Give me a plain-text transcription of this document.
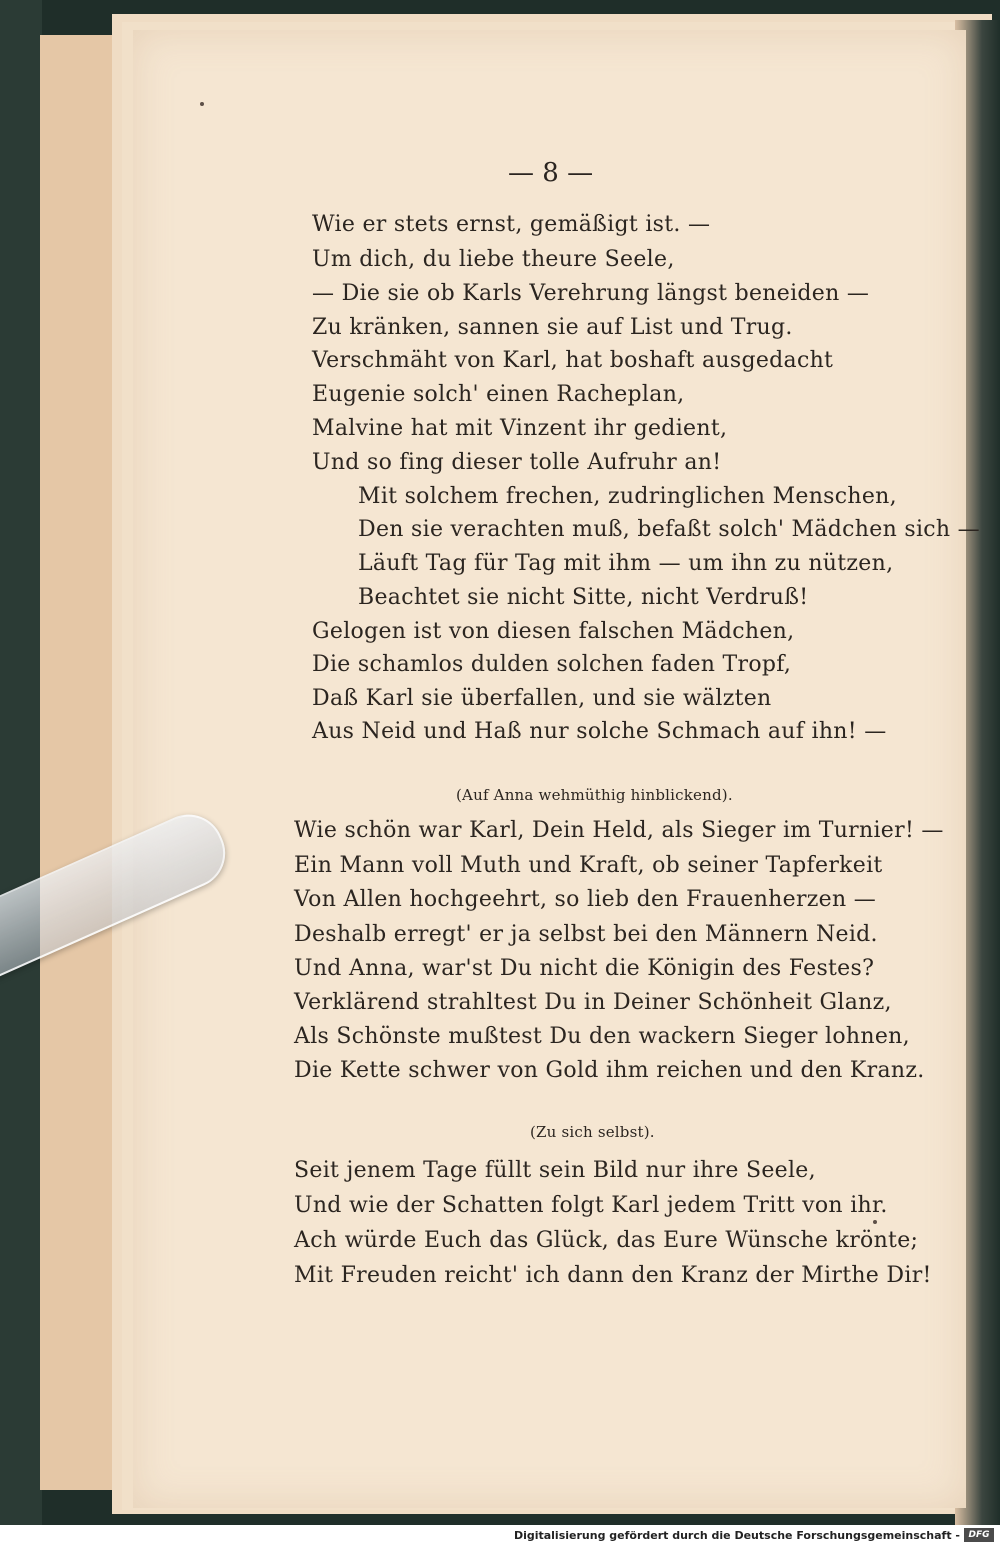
— 8 —
Wie er stets ernst, gemäßigt ist. —
Um dich, du liebe theure Seele,
— Die sie ob Karls Verehrung längst beneiden —
Zu kränken, sannen sie auf List und Trug.
Verschmäht von Karl, hat boshaft ausgedacht
Eugenie solch' einen Racheplan,
Malvine hat mit Vinzent ihr gedient,
Und so fing dieser tolle Aufruhr an!
Mit solchem frechen, zudringlichen Menschen,
Den sie verachten muß, befaßt solch' Mädchen sich —
Läuft Tag für Tag mit ihm — um ihn zu nützen,
Beachtet sie nicht Sitte, nicht Verdruß!
Gelogen ist von diesen falschen Mädchen,
Die schamlos dulden solchen faden Tropf,
Daß Karl sie überfallen, und sie wälzten
Aus Neid und Haß nur solche Schmach auf ihn! —
(Auf Anna wehmüthig hinblickend).
Wie schön war Karl, Dein Held, als Sieger im Turnier! —
Ein Mann voll Muth und Kraft, ob seiner Tapferkeit
Von Allen hochgeehrt, so lieb den Frauenherzen —
Deshalb erregt' er ja selbst bei den Männern Neid.
Und Anna, war'st Du nicht die Königin des Festes?
Verklärend strahltest Du in Deiner Schönheit Glanz,
Als Schönste mußtest Du den wackern Sieger lohnen,
Die Kette schwer von Gold ihm reichen und den Kranz.
(Zu sich selbst).
Seit jenem Tage füllt sein Bild nur ihre Seele,
Und wie der Schatten folgt Karl jedem Tritt von ihr.
Ach würde Euch das Glück, das Eure Wünsche krönte;
Mit Freuden reicht' ich dann den Kranz der Mirthe Dir!
Digitalisierung gefördert durch die Deutsche Forschungsgemeinschaft - DFG
